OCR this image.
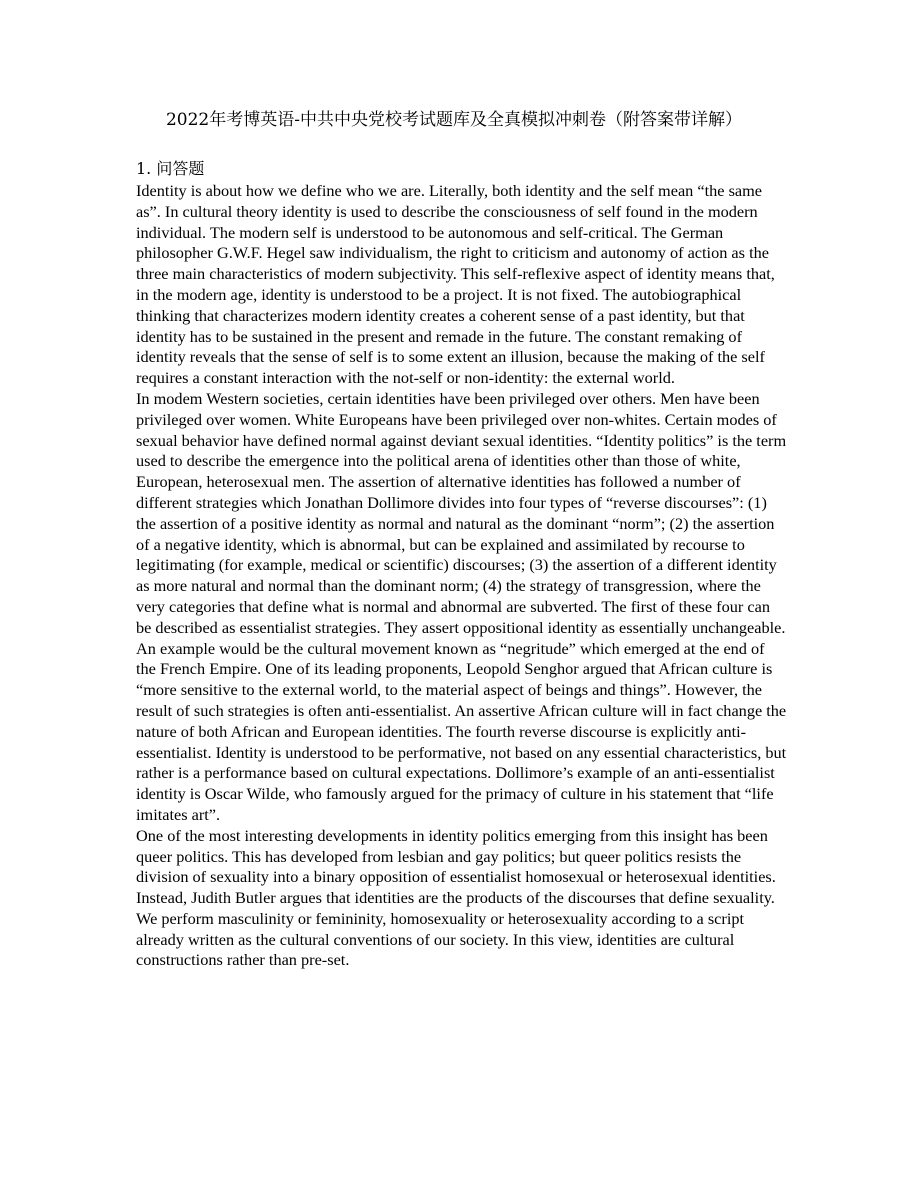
2022年考博英语-中共中央党校考试题库及全真模拟冲刺卷（附答案带详解）
1. 问答题

Identity is about how we define who we are. Literally, both identity and the self mean “the same as”. In cultural theory identity is used to describe the consciousness of self found in the modern individual. The modern self is understood to be autonomous and self-critical. The German philosopher G.W.F. Hegel saw individualism, the right to criticism and autonomy of action as the three main characteristics of modern subjectivity. This self-reflexive aspect of identity means that, in the modern age, identity is understood to be a project. It is not fixed. The autobiographical thinking that characterizes modern identity creates a coherent sense of a past identity, but that identity has to be sustained in the present and remade in the future. The constant remaking of identity reveals that the sense of self is to some extent an illusion, because the making of the self requires a constant interaction with the not-self or non-identity: the external world.

In modem Western societies, certain identities have been privileged over others. Men have been privileged over women. White Europeans have been privileged over non-whites. Certain modes of sexual behavior have defined normal against deviant sexual identities. “Identity politics” is the term used to describe the emergence into the political arena of identities other than those of white, European, heterosexual men. The assertion of alternative identities has followed a number of different strategies which Jonathan Dollimore divides into four types of “reverse discourses”: (1) the assertion of a positive identity as normal and natural as the dominant “norm”; (2) the assertion of a negative identity, which is abnormal, but can be explained and assimilated by recourse to legitimating (for example, medical or scientific) discourses; (3) the assertion of a different identity as more natural and normal than the dominant norm; (4) the strategy of transgression, where the very categories that define what is normal and abnormal are subverted. The first of these four can be described as essentialist strategies. They assert oppositional identity as essentially unchangeable. An example would be the cultural movement known as “negritude” which emerged at the end of the French Empire. One of its leading proponents, Leopold Senghor argued that African culture is “more sensitive to the external world, to the material aspect of beings and things”. However, the result of such strategies is often anti-essentialist. An assertive African culture will in fact change the nature of both African and European identities. The fourth reverse discourse is explicitly anti-essentialist. Identity is understood to be performative, not based on any essential characteristics, but rather is a performance based on cultural expectations. Dollimore’s example of an anti-essentialist identity is Oscar Wilde, who famously argued for the primacy of culture in his statement that “life imitates art”.

One of the most interesting developments in identity politics emerging from this insight has been queer politics. This has developed from lesbian and gay politics; but queer politics resists the division of sexuality into a binary opposition of essentialist homosexual or heterosexual identities. Instead, Judith Butler argues that identities are the products of the discourses that define sexuality. We perform masculinity or femininity, homosexuality or heterosexuality according to a script already written as the cultural conventions of our society. In this view, identities are cultural constructions rather than pre-set.
